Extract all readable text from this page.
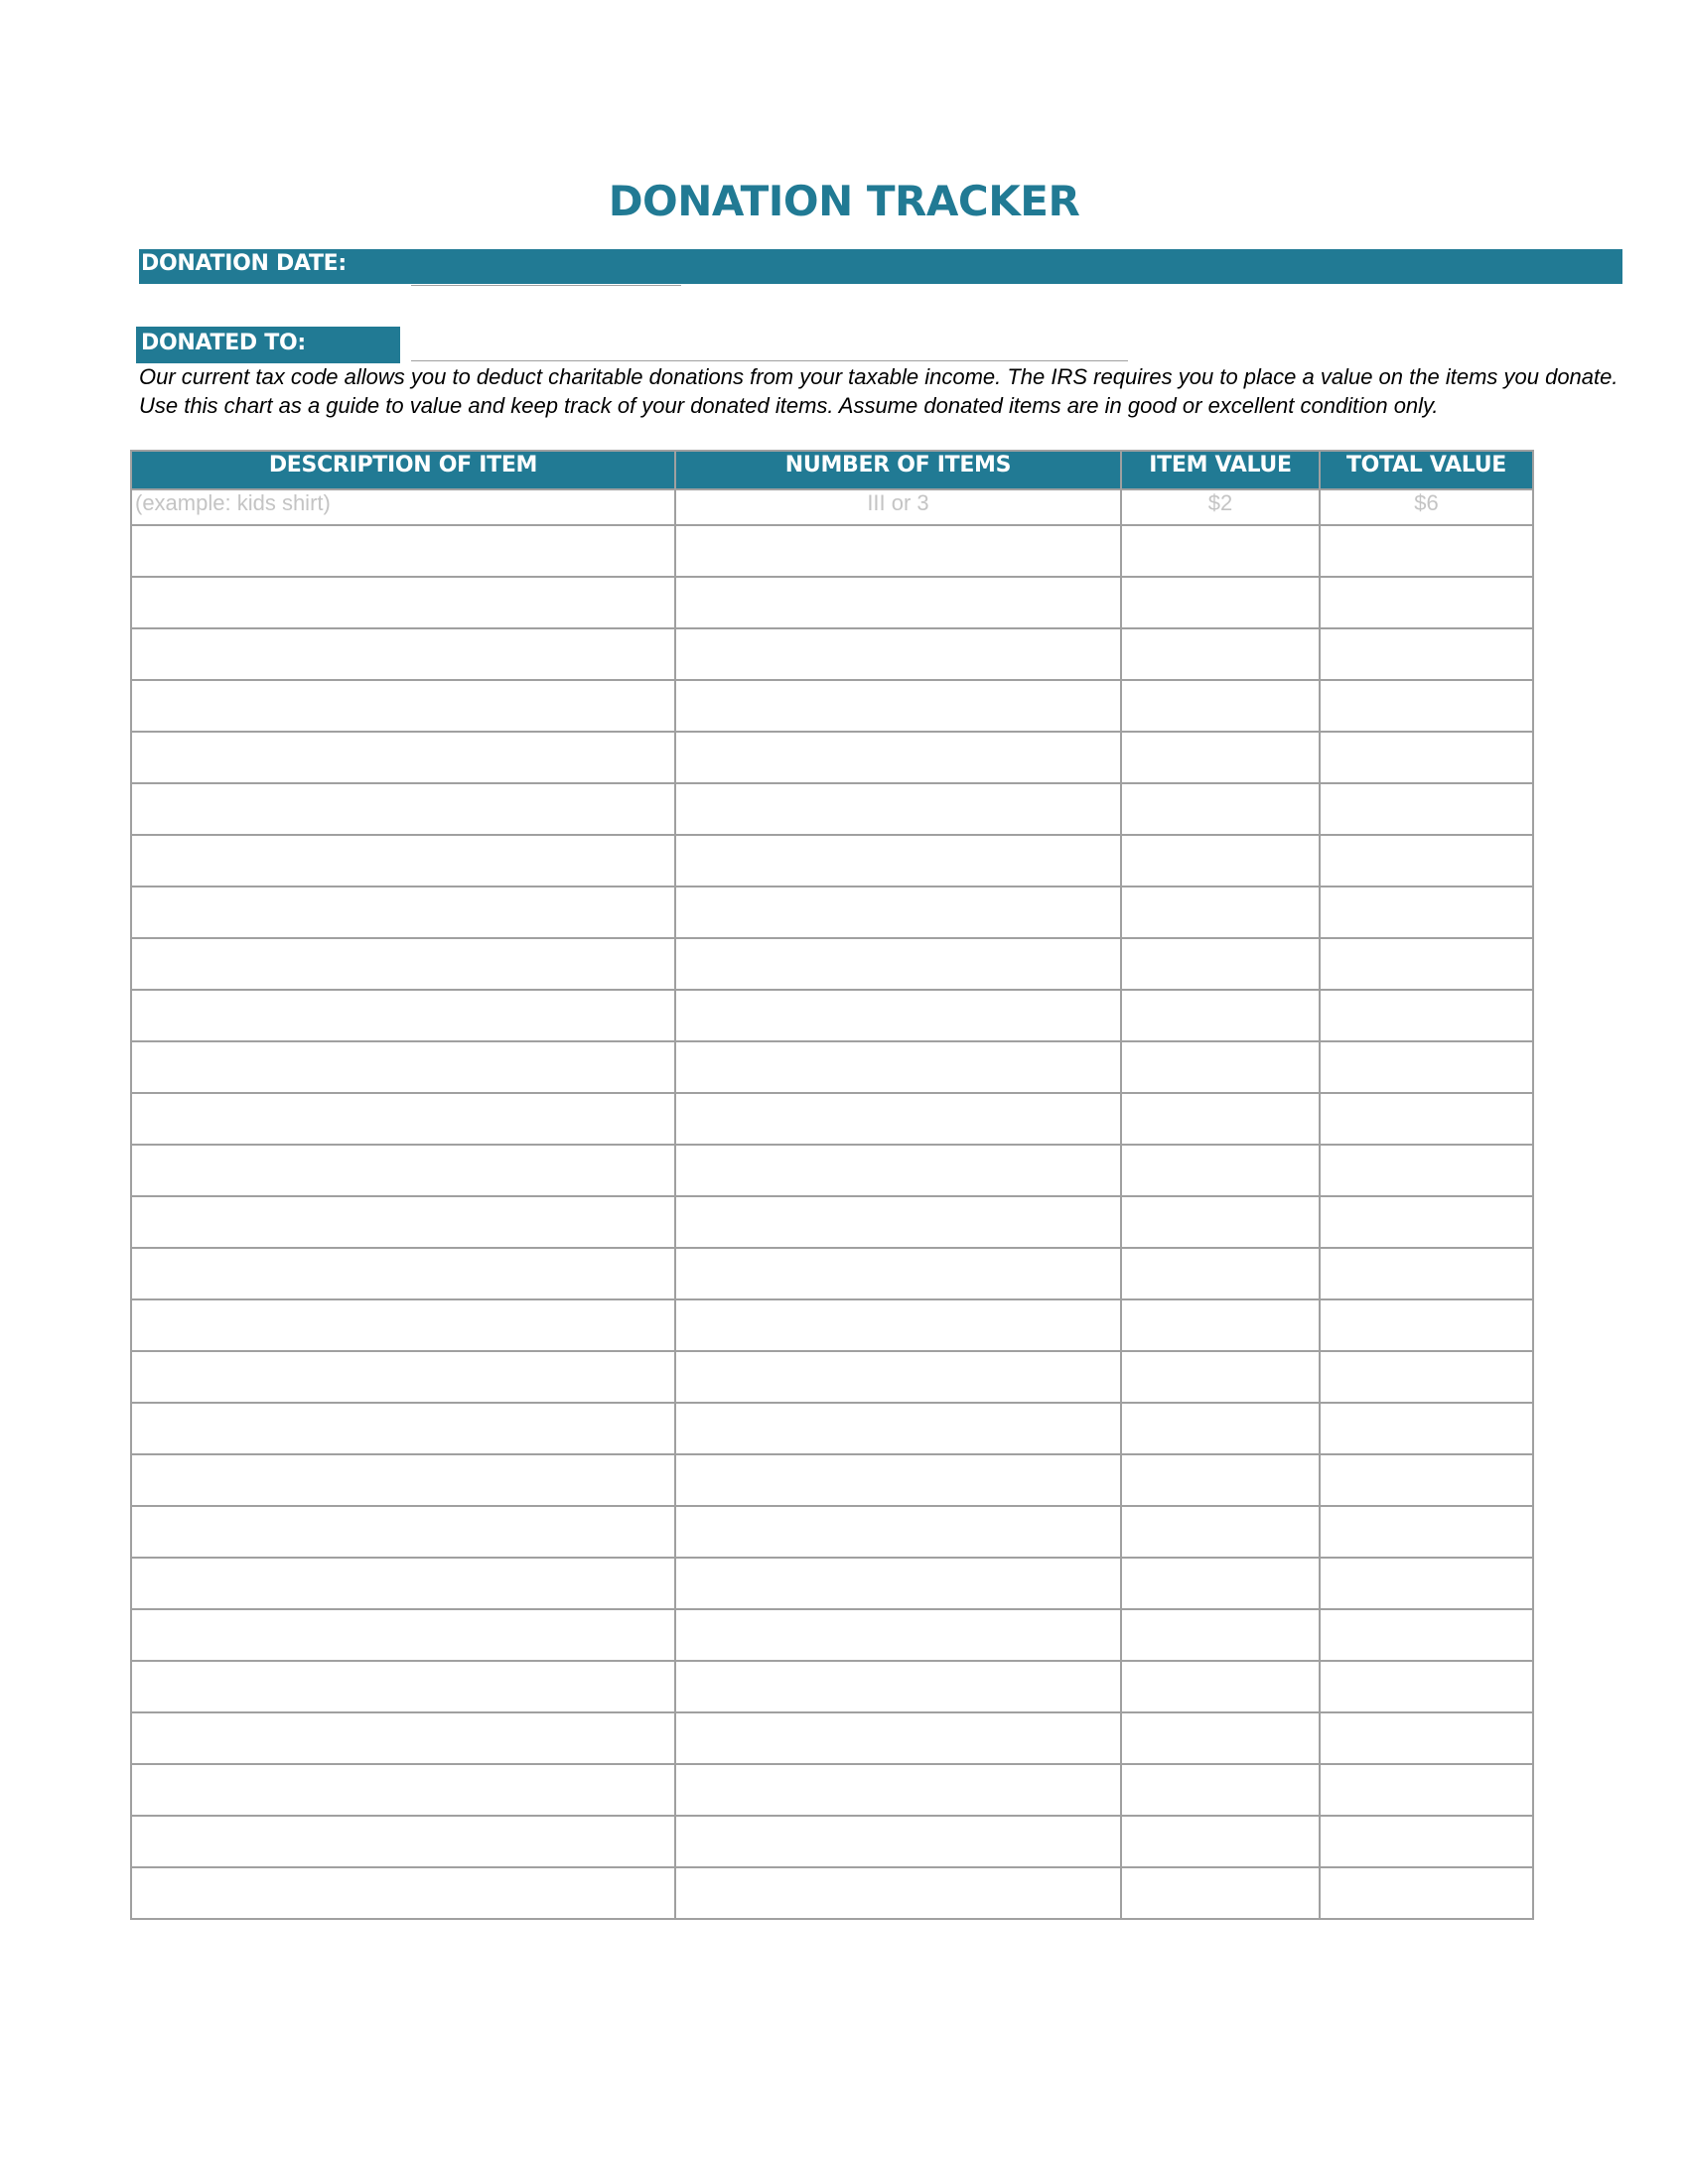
DONATION TRACKER
DONATION DATE:
DONATED TO:
Our current tax code allows you to deduct charitable donations from your taxable income. The IRS requires you to place a value on the items you donate. Use this chart as a guide to value and keep track of your donated items. Assume donated items are in good or excellent condition only.
DESCRIPTION OF ITEM	NUMBER OF ITEMS	ITEM VALUE	TOTAL VALUE
(example: kids shirt)	III or 3	$2	$6
